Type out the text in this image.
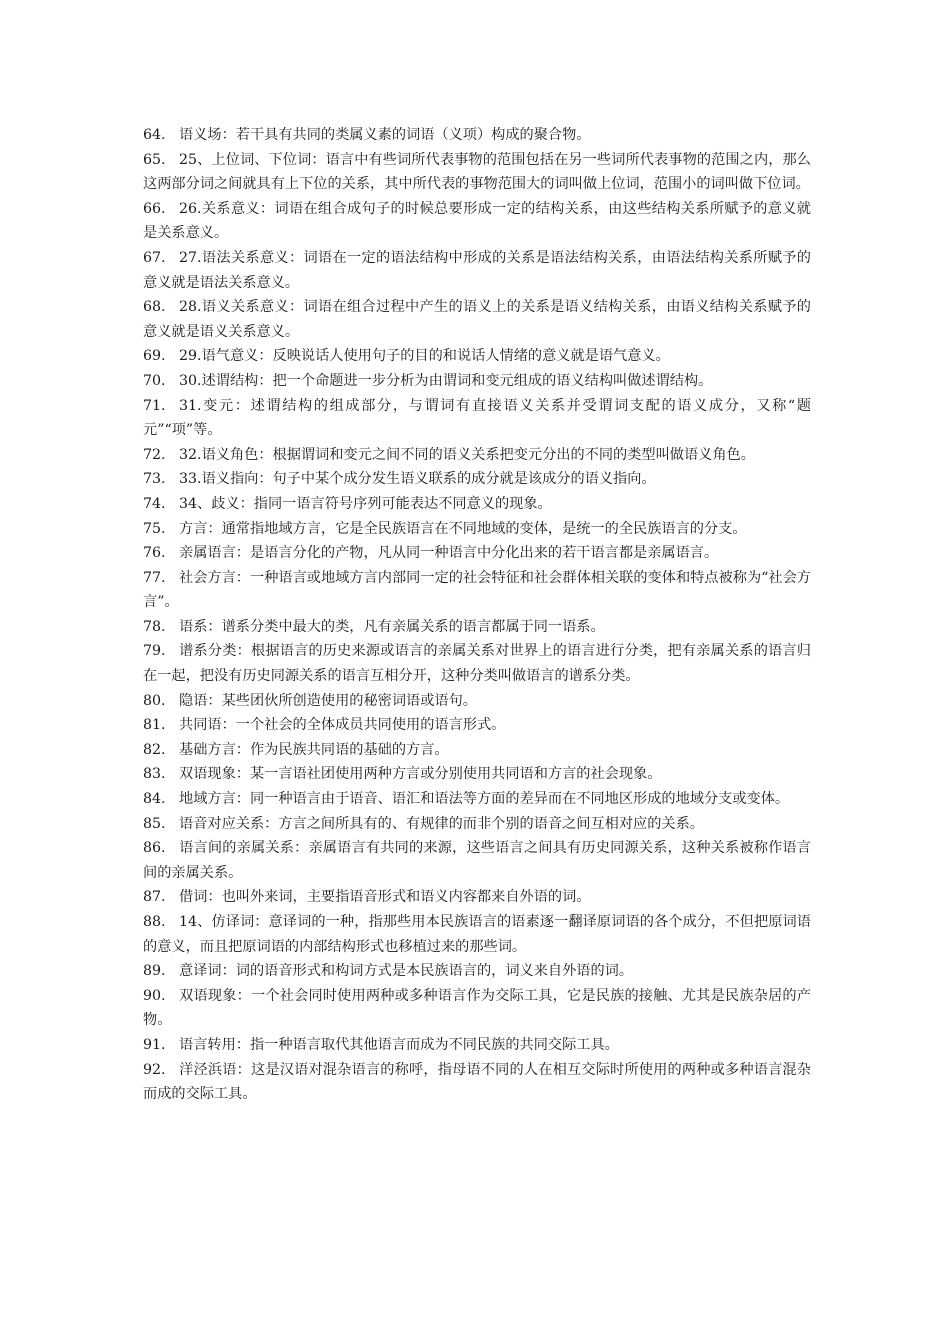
64. 语义场：若干具有共同的类属义素的词语（义项）构成的聚合物。

65. 25、上位词、下位词：语言中有些词所代表事物的范围包括在另一些词所代表事物的范围之内，那么这两部分词之间就具有上下位的关系，其中所代表的事物范围大的词叫做上位词，范围小的词叫做下位词。

66. 26.关系意义：词语在组合成句子的时候总要形成一定的结构关系，由这些结构关系所赋予的意义就是关系意义。

67. 27.语法关系意义：词语在一定的语法结构中形成的关系是语法结构关系，由语法结构关系所赋予的意义就是语法关系意义。

68. 28.语义关系意义：词语在组合过程中产生的语义上的关系是语义结构关系，由语义结构关系赋予的意义就是语义关系意义。

69. 29.语气意义：反映说话人使用句子的目的和说话人情绪的意义就是语气意义。

70. 30.述谓结构：把一个命题进一步分析为由谓词和变元组成的语义结构叫做述谓结构。

71. 31.变元：述谓结构的组成部分，与谓词有直接语义关系并受谓词支配的语义成分，又称“题元”“项”等。

72. 32.语义角色：根据谓词和变元之间不同的语义关系把变元分出的不同的类型叫做语义角色。

73. 33.语义指向：句子中某个成分发生语义联系的成分就是该成分的语义指向。

74. 34、歧义：指同一语言符号序列可能表达不同意义的现象。

75. 方言：通常指地域方言，它是全民族语言在不同地域的变体，是统一的全民族语言的分支。

76. 亲属语言：是语言分化的产物，凡从同一种语言中分化出来的若干语言都是亲属语言。

77. 社会方言：一种语言或地域方言内部同一定的社会特征和社会群体相关联的变体和特点被称为“社会方言”。

78. 语系：谱系分类中最大的类，凡有亲属关系的语言都属于同一语系。

79. 谱系分类：根据语言的历史来源或语言的亲属关系对世界上的语言进行分类，把有亲属关系的语言归在一起，把没有历史同源关系的语言互相分开，这种分类叫做语言的谱系分类。

80. 隐语：某些团伙所创造使用的秘密词语或语句。

81. 共同语：一个社会的全体成员共同使用的语言形式。

82. 基础方言：作为民族共同语的基础的方言。

83. 双语现象：某一言语社团使用两种方言或分别使用共同语和方言的社会现象。

84. 地域方言：同一种语言由于语音、语汇和语法等方面的差异而在不同地区形成的地域分支或变体。

85. 语音对应关系：方言之间所具有的、有规律的而非个别的语音之间互相对应的关系。

86. 语言间的亲属关系：亲属语言有共同的来源，这些语言之间具有历史同源关系，这种关系被称作语言间的亲属关系。

87. 借词：也叫外来词，主要指语音形式和语义内容都来自外语的词。

88. 14、仿译词：意译词的一种，指那些用本民族语言的语素逐一翻译原词语的各个成分，不但把原词语的意义，而且把原词语的内部结构形式也移植过来的那些词。

89. 意译词：词的语音形式和构词方式是本民族语言的，词义来自外语的词。

90. 双语现象：一个社会同时使用两种或多种语言作为交际工具，它是民族的接触、尤其是民族杂居的产物。

91. 语言转用：指一种语言取代其他语言而成为不同民族的共同交际工具。

92. 洋泾浜语：这是汉语对混杂语言的称呼，指母语不同的人在相互交际时所使用的两种或多种语言混杂而成的交际工具。
